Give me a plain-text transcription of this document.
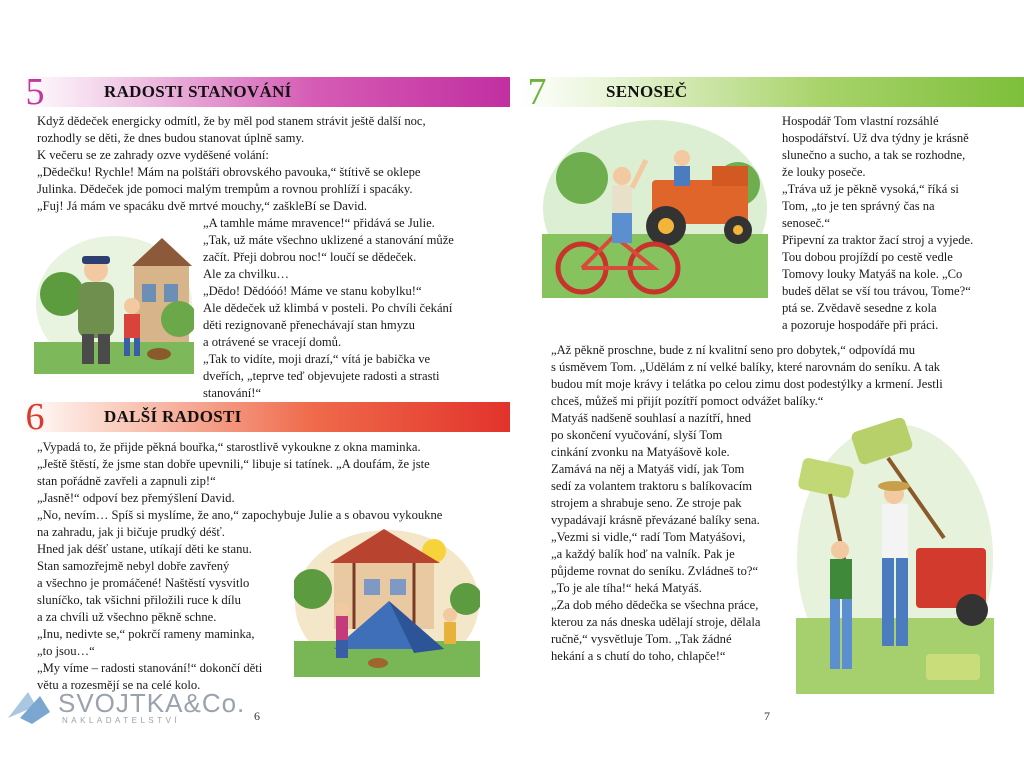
5	RADOSTI STANOVÁNÍ

Když dědeček energicky odmítl, že by měl pod stanem strávit ještě další noc,

rozhodly se děti, že dnes budou stanovat úplně samy.

K večeru se ze zahrady ozve vyděšené volání:

„Dědečku! Rychle! Mám na polštáři obrovského pavouka,“ štítivě se oklepe

Julinka. Dědeček jde pomoci malým trempům a rovnou prohlíží i spacáky.

„Fuj! Já mám ve spacáku dvě mrtvé mouchy,“ zaškleBí se David.

„A tamhle máme mravence!“ přidává se Julie.

„Tak, už máte všechno uklizené a stanování může

začít. Přeji dobrou noc!“ loučí se dědeček.

Ale za chvilku…

„Dědo! Dědóóó! Máme ve stanu kobylku!“

Ale dědeček už klimbá v posteli. Po chvíli čekání

děti rezignovaně přenechávají stan hmyzu

a otrávené se vracejí domů.

„Tak to vidíte, moji drazí,“ vítá je babička ve

dveřích, „teprve teď objevujete radosti a strasti

stanování!“

6	DALŠÍ RADOSTI

„Vypadá to, že přijde pěkná bouřka,“ starostlivě vykoukne z okna maminka.

„Ještě štěstí, že jsme stan dobře upevnili,“ libuje si tatínek. „A doufám, že jste

stan pořádně zavřeli a zapnuli zip!“

„Jasně!“ odpoví bez přemýšlení David.

„No, nevím… Spíš si myslíme, že ano,“ zapochybuje Julie a s obavou vykoukne

na zahradu, jak ji bičuje prudký déšť.

Hned jak déšť ustane, utíkají děti ke stanu.

Stan samozřejmě nebyl dobře zavřený

a všechno je promáčené! Naštěstí vysvitlo

sluníčko, tak všichni přiložili ruce k dílu

a za chvíli už všechno pěkně schne.

„Inu, nedivte se,“ pokrčí rameny maminka,

„to jsou…“

„My víme – radosti stanování!“ dokončí děti

větu a rozesmějí se na celé kolo.

6
SVOJTKA&Co.
NAKLADATELSTVÍ
7	SENOSEČ

Hospodář Tom vlastní rozsáhlé

hospodářství. Už dva týdny je krásně

slunečno a sucho, a tak se rozhodne,

že louky poseče.

„Tráva už je pěkně vysoká,“ říká si

Tom, „to je ten správný čas na

senoseč.“

Připevní za traktor žací stroj a vyjede.

Tou dobou projíždí po cestě vedle

Tomovy louky Matyáš na kole. „Co

budeš dělat se vší tou trávou, Tome?“

ptá se. Zvědavě sesedne z kola

a pozoruje hospodáře při práci.

„Až pěkně proschne, bude z ní kvalitní seno pro dobytek,“ odpovídá mu

s úsměvem Tom. „Udělám z ní velké balíky, které narovnám do seníku. A tak

budou mít moje krávy i telátka po celou zimu dost podestýlky a krmení. Jestli

chceš, můžeš mi přijít pozítří pomoct odvážet balíky.“

Matyáš nadšeně souhlasí a nazítří, hned

po skončení vyučování, slyší Tom

cinkání zvonku na Matyášově kole.

Zamává na něj a Matyáš vidí, jak Tom

sedí za volantem traktoru s balíkovacím

strojem a shrabuje seno. Ze stroje pak

vypadávají krásně převázané balíky sena.

„Vezmi si vidle,“ radí Tom Matyášovi,

„a každý balík hoď na valník. Pak je

půjdeme rovnat do seníku. Zvládneš to?“

„To je ale tíha!“ heká Matyáš.

„Za dob mého dědečka se všechna práce,

kterou za nás dneska udělají stroje, dělala

ručně,“ vysvětluje Tom. „Tak žádné

hekání a s chutí do toho, chlapče!“

7
